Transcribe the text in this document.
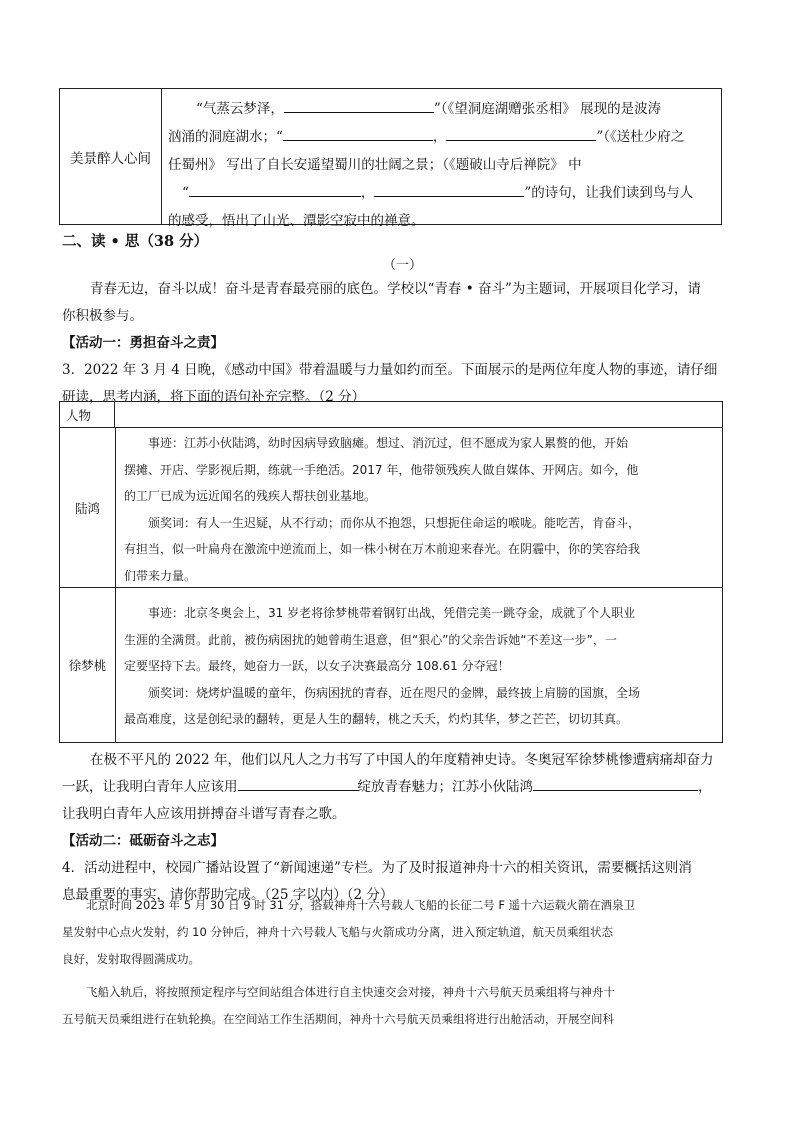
美景醉人心间
“气蒸云梦泽，	”（《望洞庭湖赠张丞相》 展现的是波涛
汹涌的洞庭湖水；“	，	”（《送杜少府之
任蜀州》 写出了自长安遥望蜀川的壮阔之景；（《题破山寺后禅院》 中
“	，	”的诗句，让我们读到鸟与人
的感受，悟出了山光、潭影空寂中的禅意。
二、读 • 思（38 分）
（一）
青春无边，奋斗以成！奋斗是青春最亮丽的底色。学校以“青春 • 奋斗”为主题词，开展项目化学习，请
你积极参与。
【活动一：勇担奋斗之责】
3．2022 年 3 月 4 日晚，《感动中国》带着温暖与力量如约而至。下面展示的是两位年度人物的事迹，请仔细
研读，思考内涵，将下面的语句补充完整。（2 分）
人物
陆鸿
事迹：江苏小伙陆鸿，幼时因病导致脑瘫。想过、消沉过，但不愿成为家人累赘的他，开始
摆摊、开店、学影视后期，练就一手绝活。2017 年，他带领残疾人做自媒体、开网店。如今，他
的工厂已成为远近闻名的残疾人帮扶创业基地。
颁奖词：有人一生迟疑，从不行动；而你从不抱怨，只想扼住命运的喉咙。能吃苦，肯奋斗，
有担当，似一叶扁舟在激流中逆流而上，如一株小树在万木前迎来春光。在阴霾中，你的笑容给我
们带来力量。
徐梦桃
事迹：北京冬奥会上，31 岁老将徐梦桃带着钢钉出战，凭借完美一跳夺金，成就了个人职业
生涯的全满贯。此前，被伤病困扰的她曾萌生退意，但“狠心”的父亲告诉她“不差这一步”，一
定要坚持下去。最终，她奋力一跃，以女子决赛最高分 108.61 分夺冠！
颁奖词：烧烤炉温暖的童年，伤病困扰的青春，近在咫尺的金牌，最终披上肩膀的国旗，全场
最高难度，这是创纪录的翻转，更是人生的翻转，桃之夭夭，灼灼其华，梦之芒芒，切切其真。
在极不平凡的 2022 年，他们以凡人之力书写了中国人的年度精神史诗。冬奥冠军徐梦桃惨遭病痛却奋力
一跃，让我明白青年人应该用	绽放青春魅力；江苏小伙陆鸿	，
让我明白青年人应该用拼搏奋斗谱写青春之歌。
【活动二：砥砺奋斗之志】
4．活动进程中，校园广播站设置了“新闻速递”专栏。为了及时报道神舟十六的相关资讯，需要概括这则消
息最重要的事实，请你帮助完成。（25 字以内）（2 分）
北京时间 2023 年 5 月 30 日 9 时 31 分，搭载神舟十六号载人飞船的长征二号 F 遥十六运载火箭在酒泉卫
星发射中心点火发射，约 10 分钟后，神舟十六号载人飞船与火箭成功分离，进入预定轨道，航天员乘组状态
良好，发射取得圆满成功。
飞船入轨后，将按照预定程序与空间站组合体进行自主快速交会对接，神舟十六号航天员乘组将与神舟十
五号航天员乘组进行在轨轮换。在空间站工作生活期间，神舟十六号航天员乘组将进行出舱活动，开展空间科
